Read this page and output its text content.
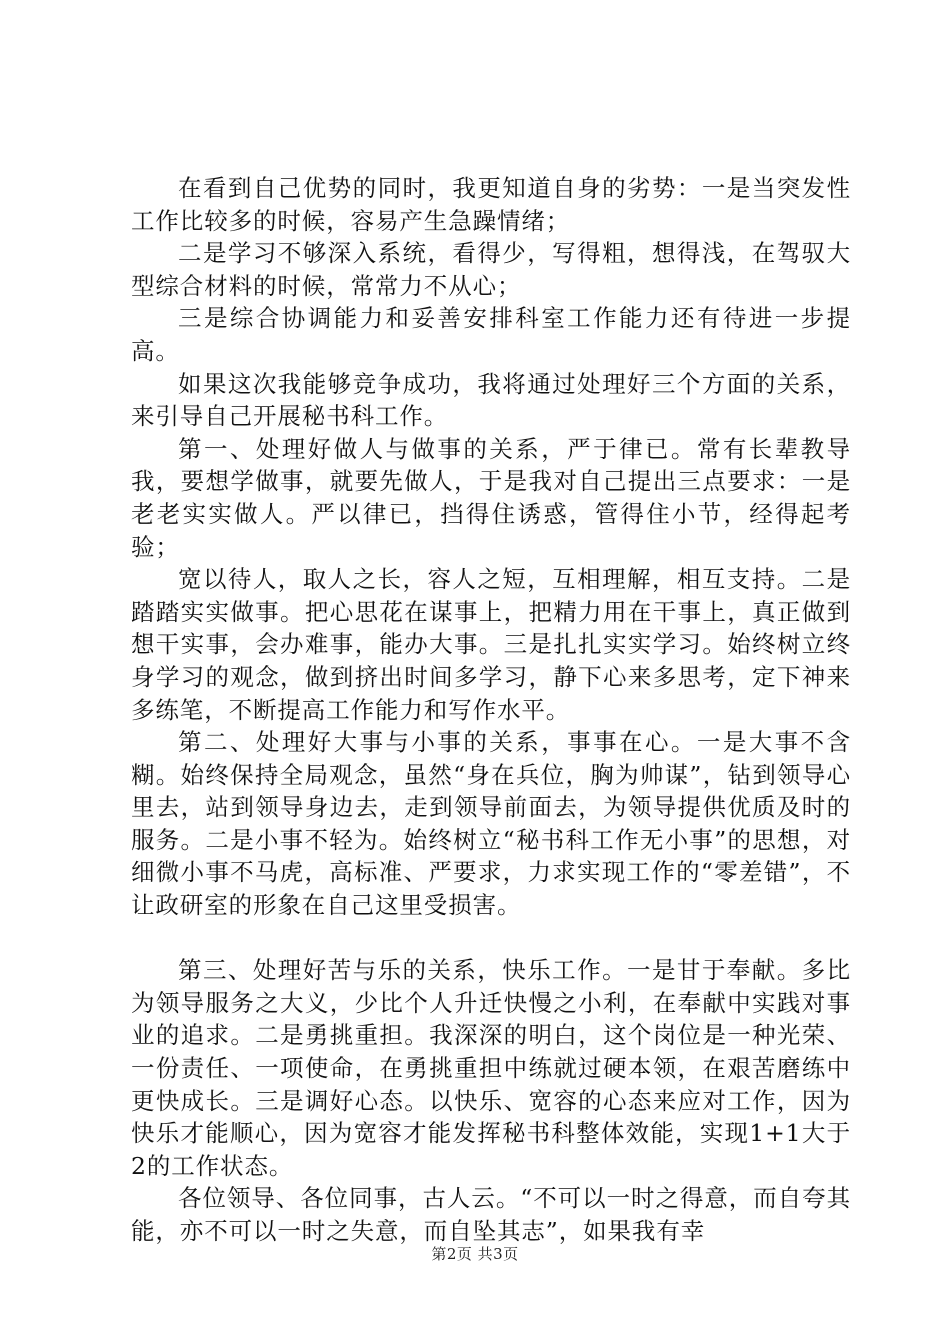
在看到自己优势的同时，我更知道自身的劣势：一是当突发性工作比较多的时候，容易产生急躁情绪；

二是学习不够深入系统，看得少，写得粗，想得浅，在驾驭大型综合材料的时候，常常力不从心；

三是综合协调能力和妥善安排科室工作能力还有待进一步提高。

如果这次我能够竞争成功，我将通过处理好三个方面的关系，来引导自己开展秘书科工作。

第一、处理好做人与做事的关系，严于律已。常有长辈教导我，要想学做事，就要先做人，于是我对自己提出三点要求：一是老老实实做人。严以律已，挡得住诱惑，管得住小节，经得起考验；

宽以待人，取人之长，容人之短，互相理解，相互支持。二是踏踏实实做事。把心思花在谋事上，把精力用在干事上，真正做到想干实事，会办难事，能办大事。三是扎扎实实学习。始终树立终身学习的观念，做到挤出时间多学习，静下心来多思考，定下神来多练笔，不断提高工作能力和写作水平。

第二、处理好大事与小事的关系，事事在心。一是大事不含糊。始终保持全局观念，虽然“身在兵位，胸为帅谋”，钻到领导心里去，站到领导身边去，走到领导前面去，为领导提供优质及时的服务。二是小事不轻为。始终树立“秘书科工作无小事”的思想，对细微小事不马虎，高标准、严要求，力求实现工作的“零差错”，不让政研室的形象在自己这里受损害。

第三、处理好苦与乐的关系，快乐工作。一是甘于奉献。多比为领导服务之大义，少比个人升迁快慢之小利，在奉献中实践对事业的追求。二是勇挑重担。我深深的明白，这个岗位是一种光荣、一份责任、一项使命，在勇挑重担中练就过硬本领，在艰苦磨练中更快成长。三是调好心态。以快乐、宽容的心态来应对工作，因为快乐才能顺心，因为宽容才能发挥秘书科整体效能，实现1+1大于2的工作状态。

各位领导、各位同事，古人云。“不可以一时之得意，而自夸其能，亦不可以一时之失意，而自坠其志”，如果我有幸

第2页 共3页
